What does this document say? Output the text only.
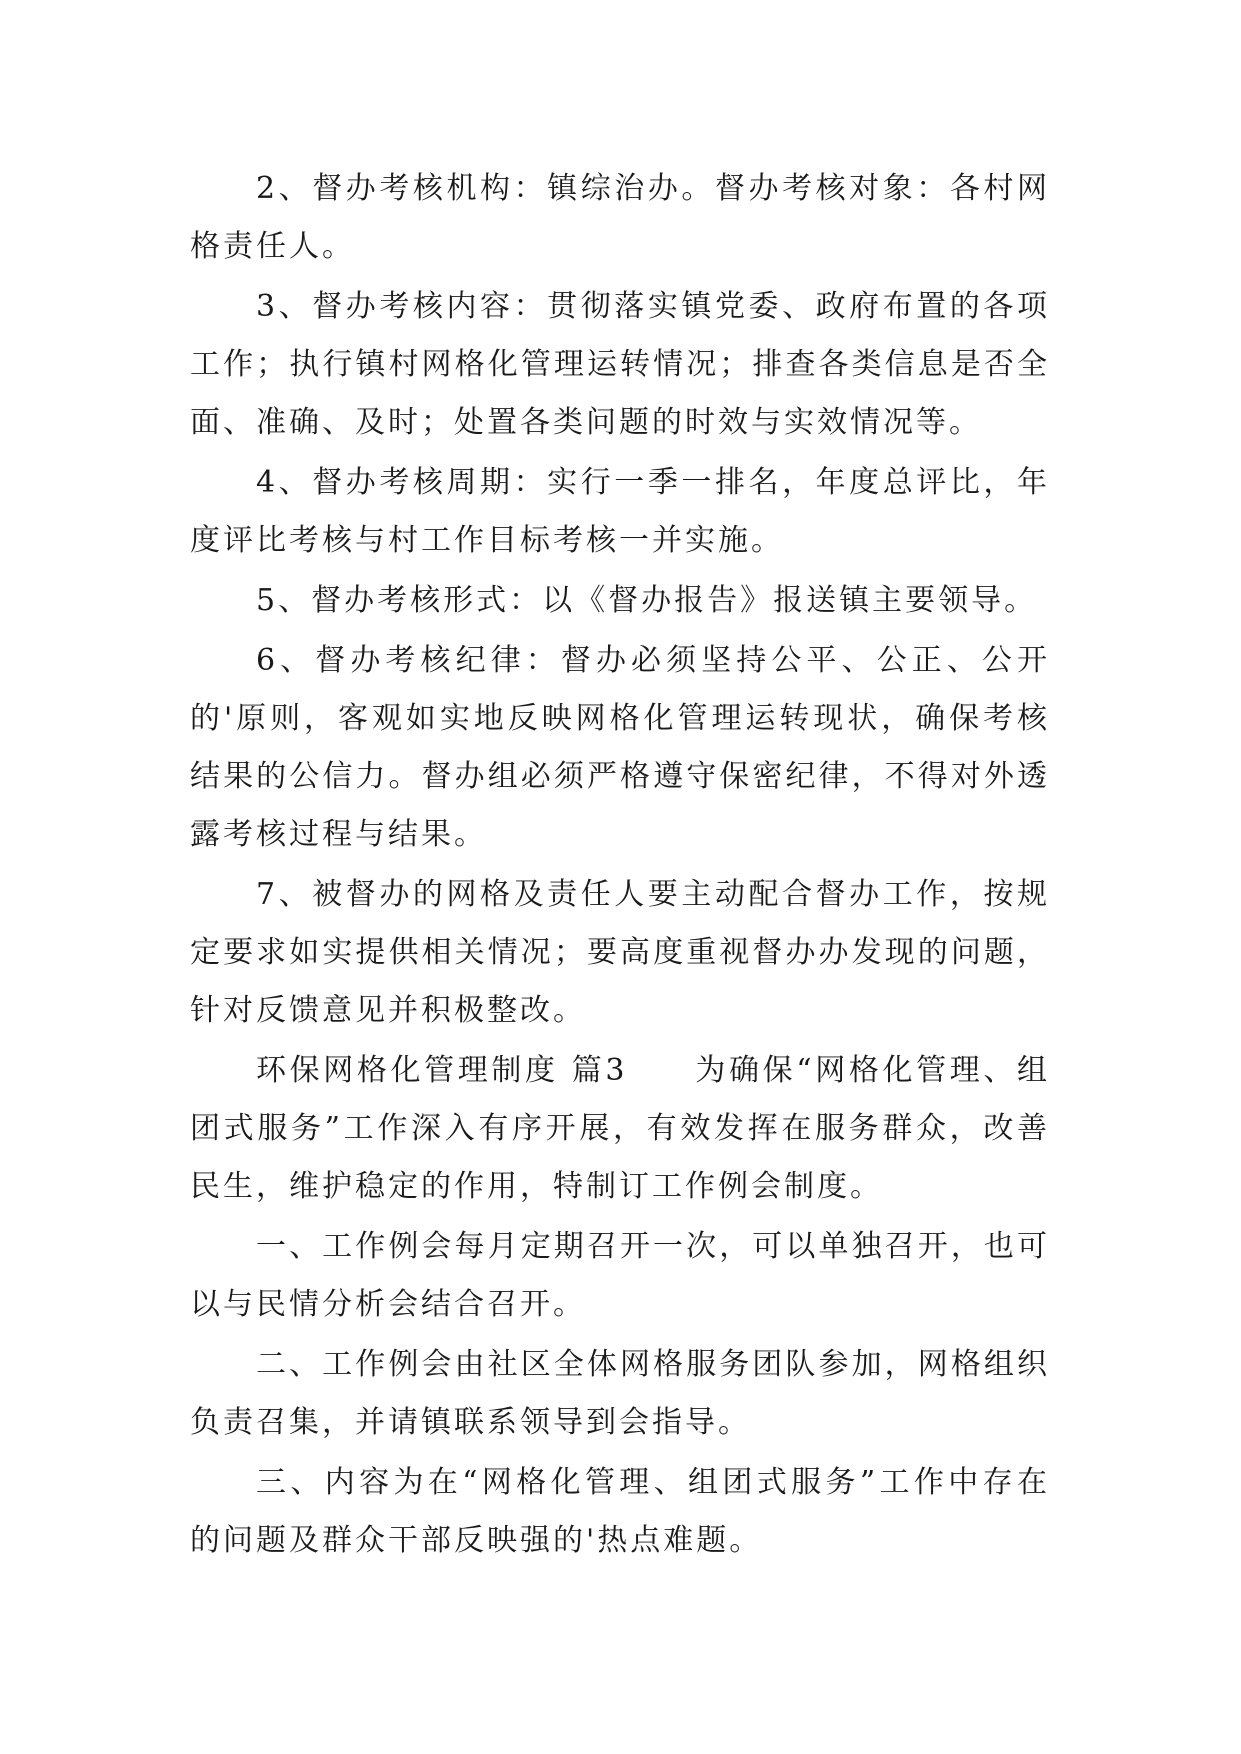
2、督办考核机构：镇综治办。督办考核对象：各村网格责任人。

3、督办考核内容：贯彻落实镇党委、政府布置的各项工作；执行镇村网格化管理运转情况；排查各类信息是否全面、准确、及时；处置各类问题的时效与实效情况等。

4、督办考核周期：实行一季一排名，年度总评比，年度评比考核与村工作目标考核一并实施。

5、督办考核形式：以《督办报告》报送镇主要领导。

6、督办考核纪律：督办必须坚持公平、公正、公开的'原则，客观如实地反映网格化管理运转现状，确保考核结果的公信力。督办组必须严格遵守保密纪律，不得对外透露考核过程与结果。

7、被督办的网格及责任人要主动配合督办工作，按规定要求如实提供相关情况；要高度重视督办办发现的问题，针对反馈意见并积极整改。

环保网格化管理制度 篇3　　为确保“网格化管理、组团式服务”工作深入有序开展，有效发挥在服务群众，改善民生，维护稳定的作用，特制订工作例会制度。

一、工作例会每月定期召开一次，可以单独召开，也可以与民情分析会结合召开。

二、工作例会由社区全体网格服务团队参加，网格组织负责召集，并请镇联系领导到会指导。

三、内容为在“网格化管理、组团式服务”工作中存在的问题及群众干部反映强的'热点难题。
